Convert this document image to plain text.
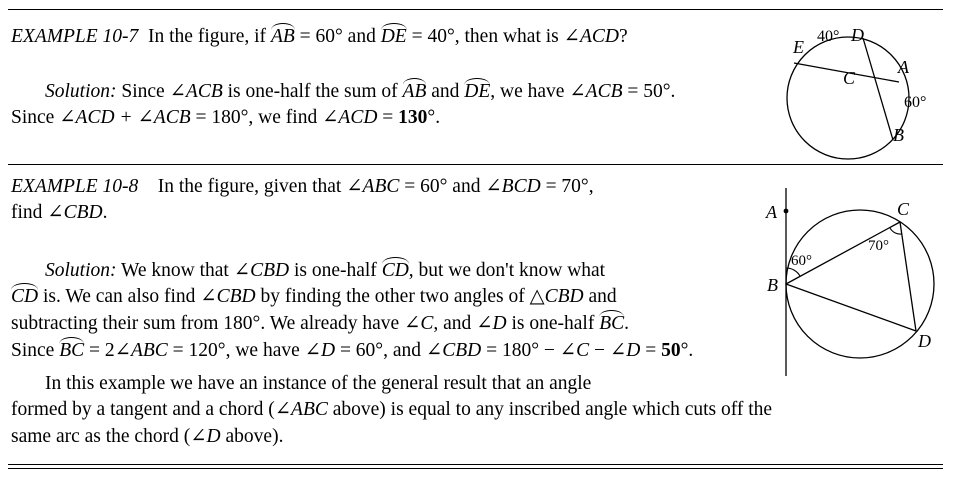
EXAMPLE 10-7 In the figure, if AB = 60° and DE = 40°, then what is ∠ACD?
Solution: Since ∠ACB is one-half the sum of AB and DE, we have ∠ACB = 50°.
Since ∠ACD + ∠ACB = 180°, we find ∠ACD = 130°.
E
40° D
A
C
60°
B
EXAMPLE 10-8 In the figure, given that ∠ABC = 60° and ∠BCD = 70°,
find ∠CBD.
Solution: We know that ∠CBD is one-half CD, but we don't know what
CD is. We can also find ∠CBD by finding the other two angles of △CBD and
subtracting their sum from 180°. We already have ∠C, and ∠D is one-half BC.
Since BC = 2∠ABC = 120°, we have ∠D = 60°, and ∠CBD = 180° − ∠C − ∠D = 50°.
In this example we have an instance of the general result that an angle
formed by a tangent and a chord (∠ABC above) is equal to any inscribed angle which cuts off the
same arc as the chord (∠D above).
A
B
C
D
60°
70°
